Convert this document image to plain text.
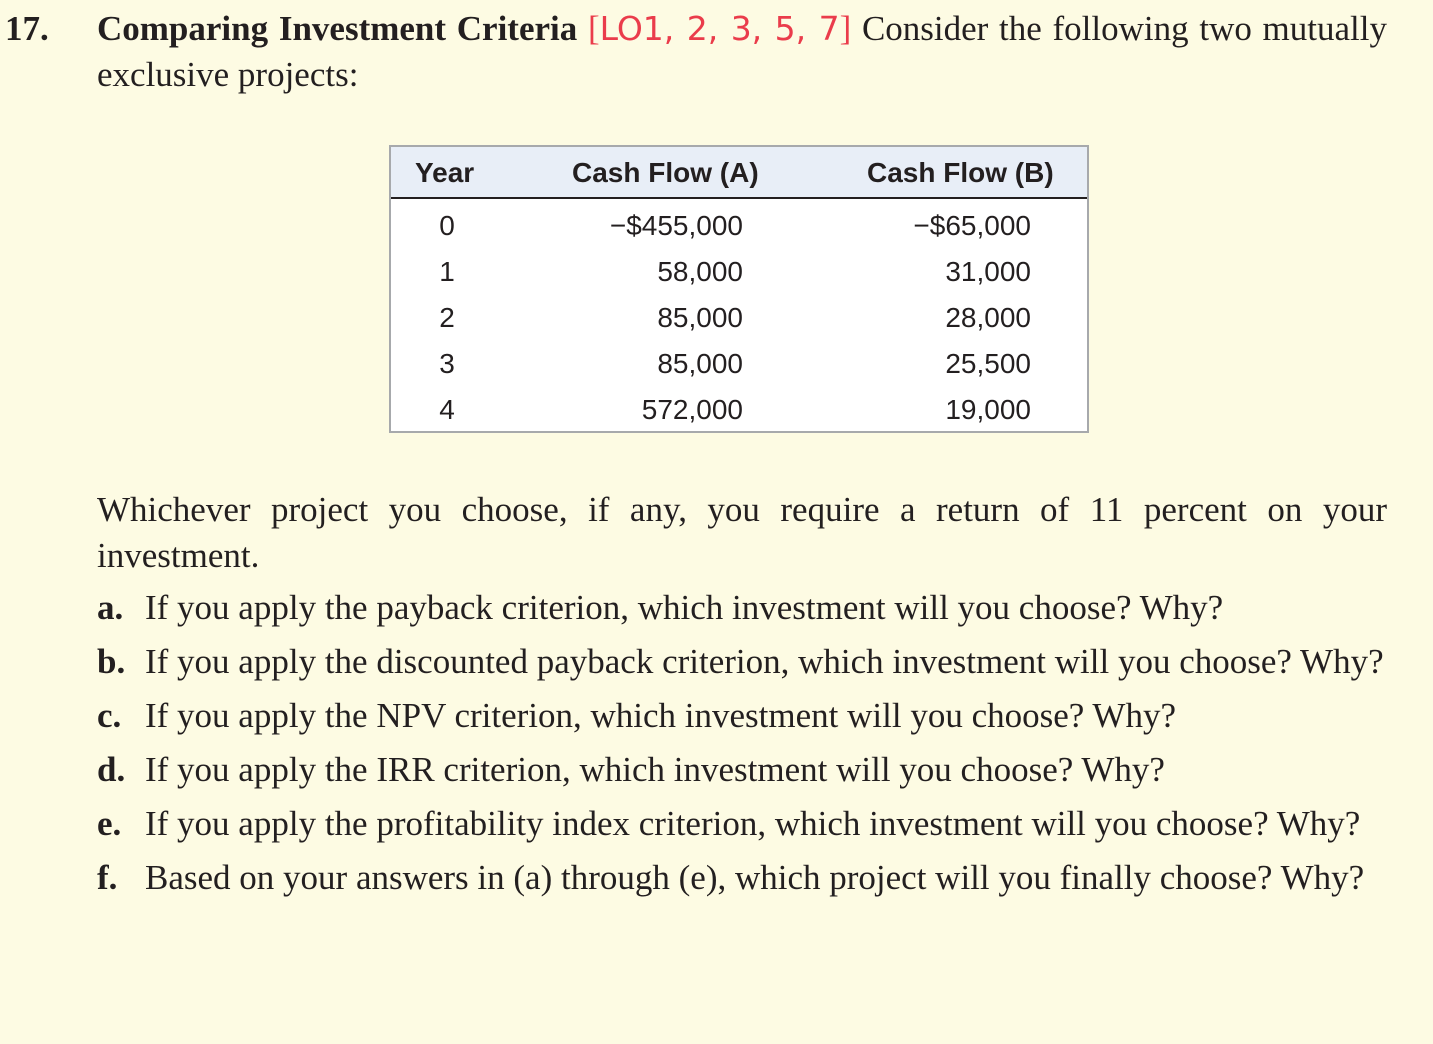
17. Comparing Investment Criteria [LO1, 2, 3, 5, 7] Consider the following two mutually exclusive projects:
Year	Cash Flow (A)	Cash Flow (B)
0	−$455,000	−$65,000
1	58,000	31,000
2	85,000	28,000
3	85,000	25,500
4	572,000	19,000
Whichever project you choose, if any, you require a return of 11 percent on your investment.
a. If you apply the payback criterion, which investment will you choose? Why?
b. If you apply the discounted payback criterion, which investment will you choose? Why?
c. If you apply the NPV criterion, which investment will you choose? Why?
d. If you apply the IRR criterion, which investment will you choose? Why?
e. If you apply the profitability index criterion, which investment will you choose? Why?
f. Based on your answers in (a) through (e), which project will you finally choose? Why?
